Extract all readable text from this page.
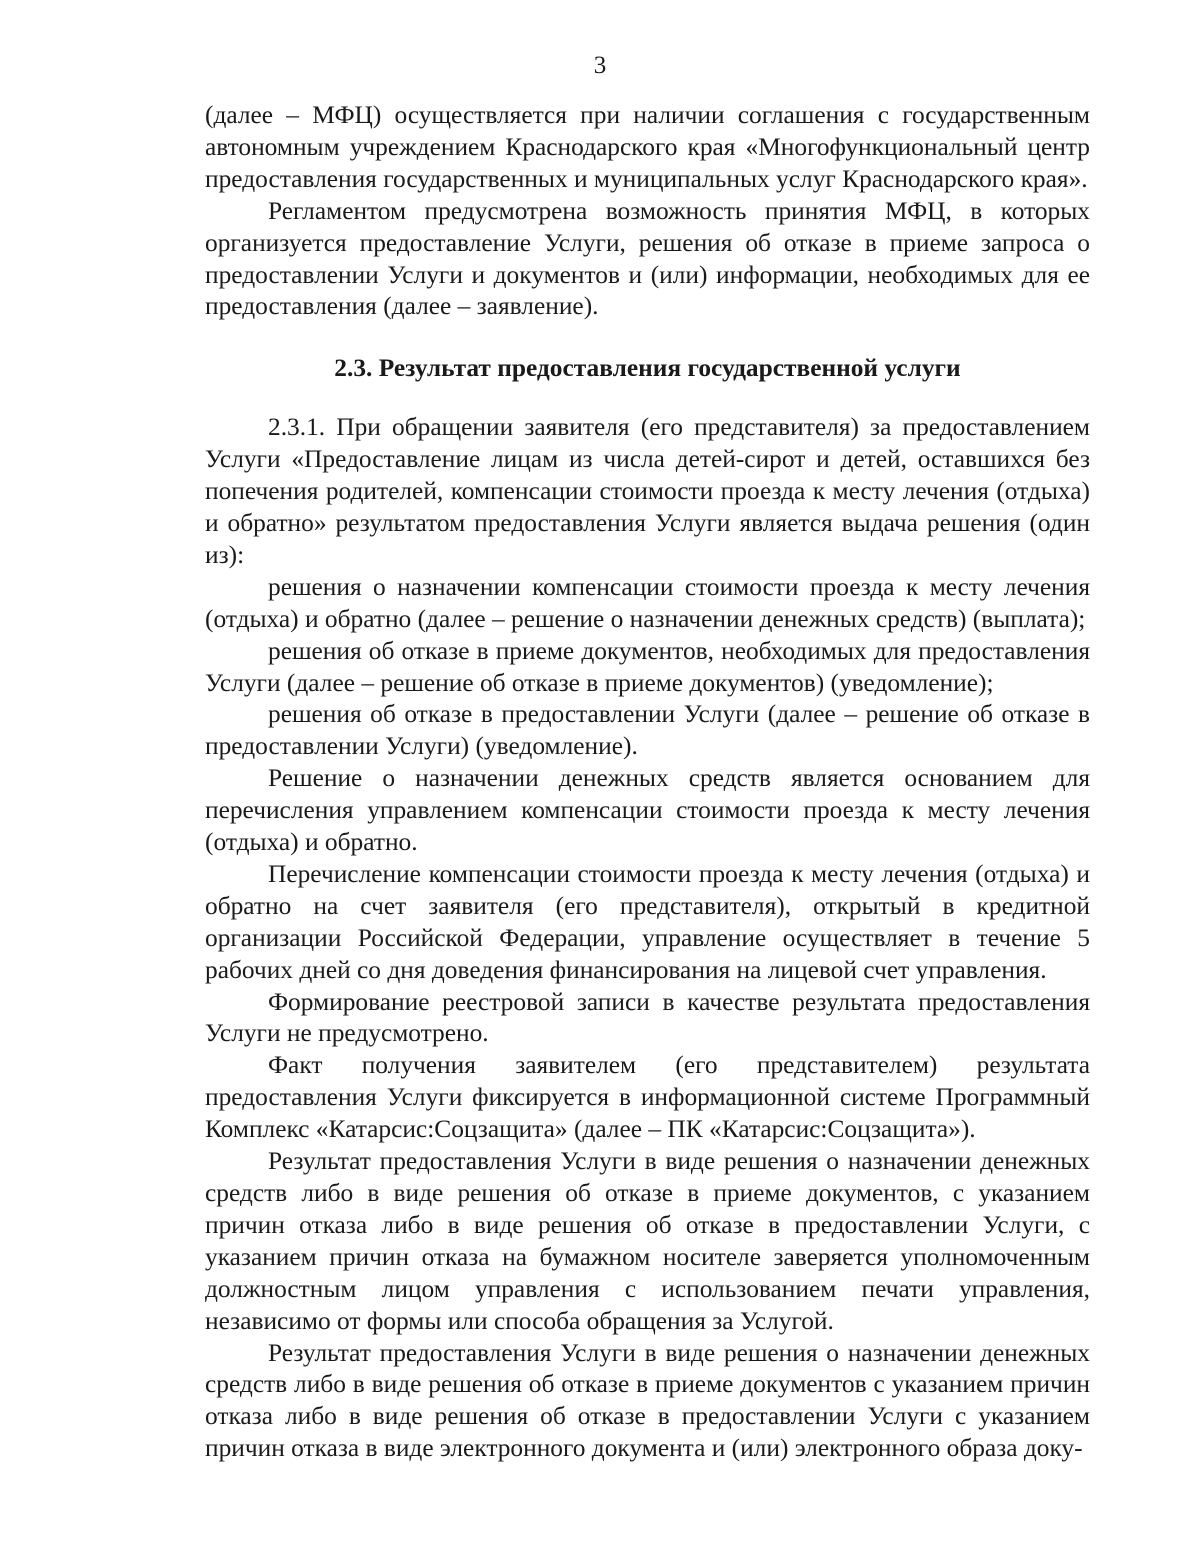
3

(далее – МФЦ) осуществляется при наличии соглашения с государственным автономным учреждением Краснодарского края «Многофункциональный центр предоставления государственных и муниципальных услуг Краснодарского края».

Регламентом предусмотрена возможность принятия МФЦ, в которых организуется предоставление Услуги, решения об отказе в приеме запроса о предоставлении Услуги и документов и (или) информации, необходимых для ее предоставления (далее – заявление).

2.3. Результат предоставления государственной услуги

2.3.1. При обращении заявителя (его представителя) за предоставлением Услуги «Предоставление лицам из числа детей-сирот и детей, оставшихся без попечения родителей, компенсации стоимости проезда к месту лечения (отдыха) и обратно» результатом предоставления Услуги является выдача решения (один из):

решения о назначении компенсации стоимости проезда к месту лечения (отдыха) и обратно (далее – решение о назначении денежных средств) (выплата);

решения об отказе в приеме документов, необходимых для предоставления Услуги (далее – решение об отказе в приеме документов) (уведомление);

решения об отказе в предоставлении Услуги (далее – решение об отказе в предоставлении Услуги) (уведомление).

Решение о назначении денежных средств является основанием для перечисления управлением компенсации стоимости проезда к месту лечения (отдыха) и обратно.

Перечисление компенсации стоимости проезда к месту лечения (отдыха) и обратно на счет заявителя (его представителя), открытый в кредитной организации Российской Федерации, управление осуществляет в течение 5 рабочих дней со дня доведения финансирования на лицевой счет управления.

Формирование реестровой записи в качестве результата предоставления Услуги не предусмотрено.

Факт получения заявителем (его представителем) результата предоставления Услуги фиксируется в информационной системе Программный Комплекс «Катарсис:Соцзащита» (далее – ПК «Катарсис:Соцзащита»).

Результат предоставления Услуги в виде решения о назначении денежных средств либо в виде решения об отказе в приеме документов, с указанием причин отказа либо в виде решения об отказе в предоставлении Услуги, с указанием причин отказа на бумажном носителе заверяется уполномоченным должностным лицом управления с использованием печати управления, независимо от формы или способа обращения за Услугой.

Результат предоставления Услуги в виде решения о назначении денежных средств либо в виде решения об отказе в приеме документов с указанием причин отказа либо в виде решения об отказе в предоставлении Услуги с указанием причин отказа в виде электронного документа и (или) электронного образа доку-
